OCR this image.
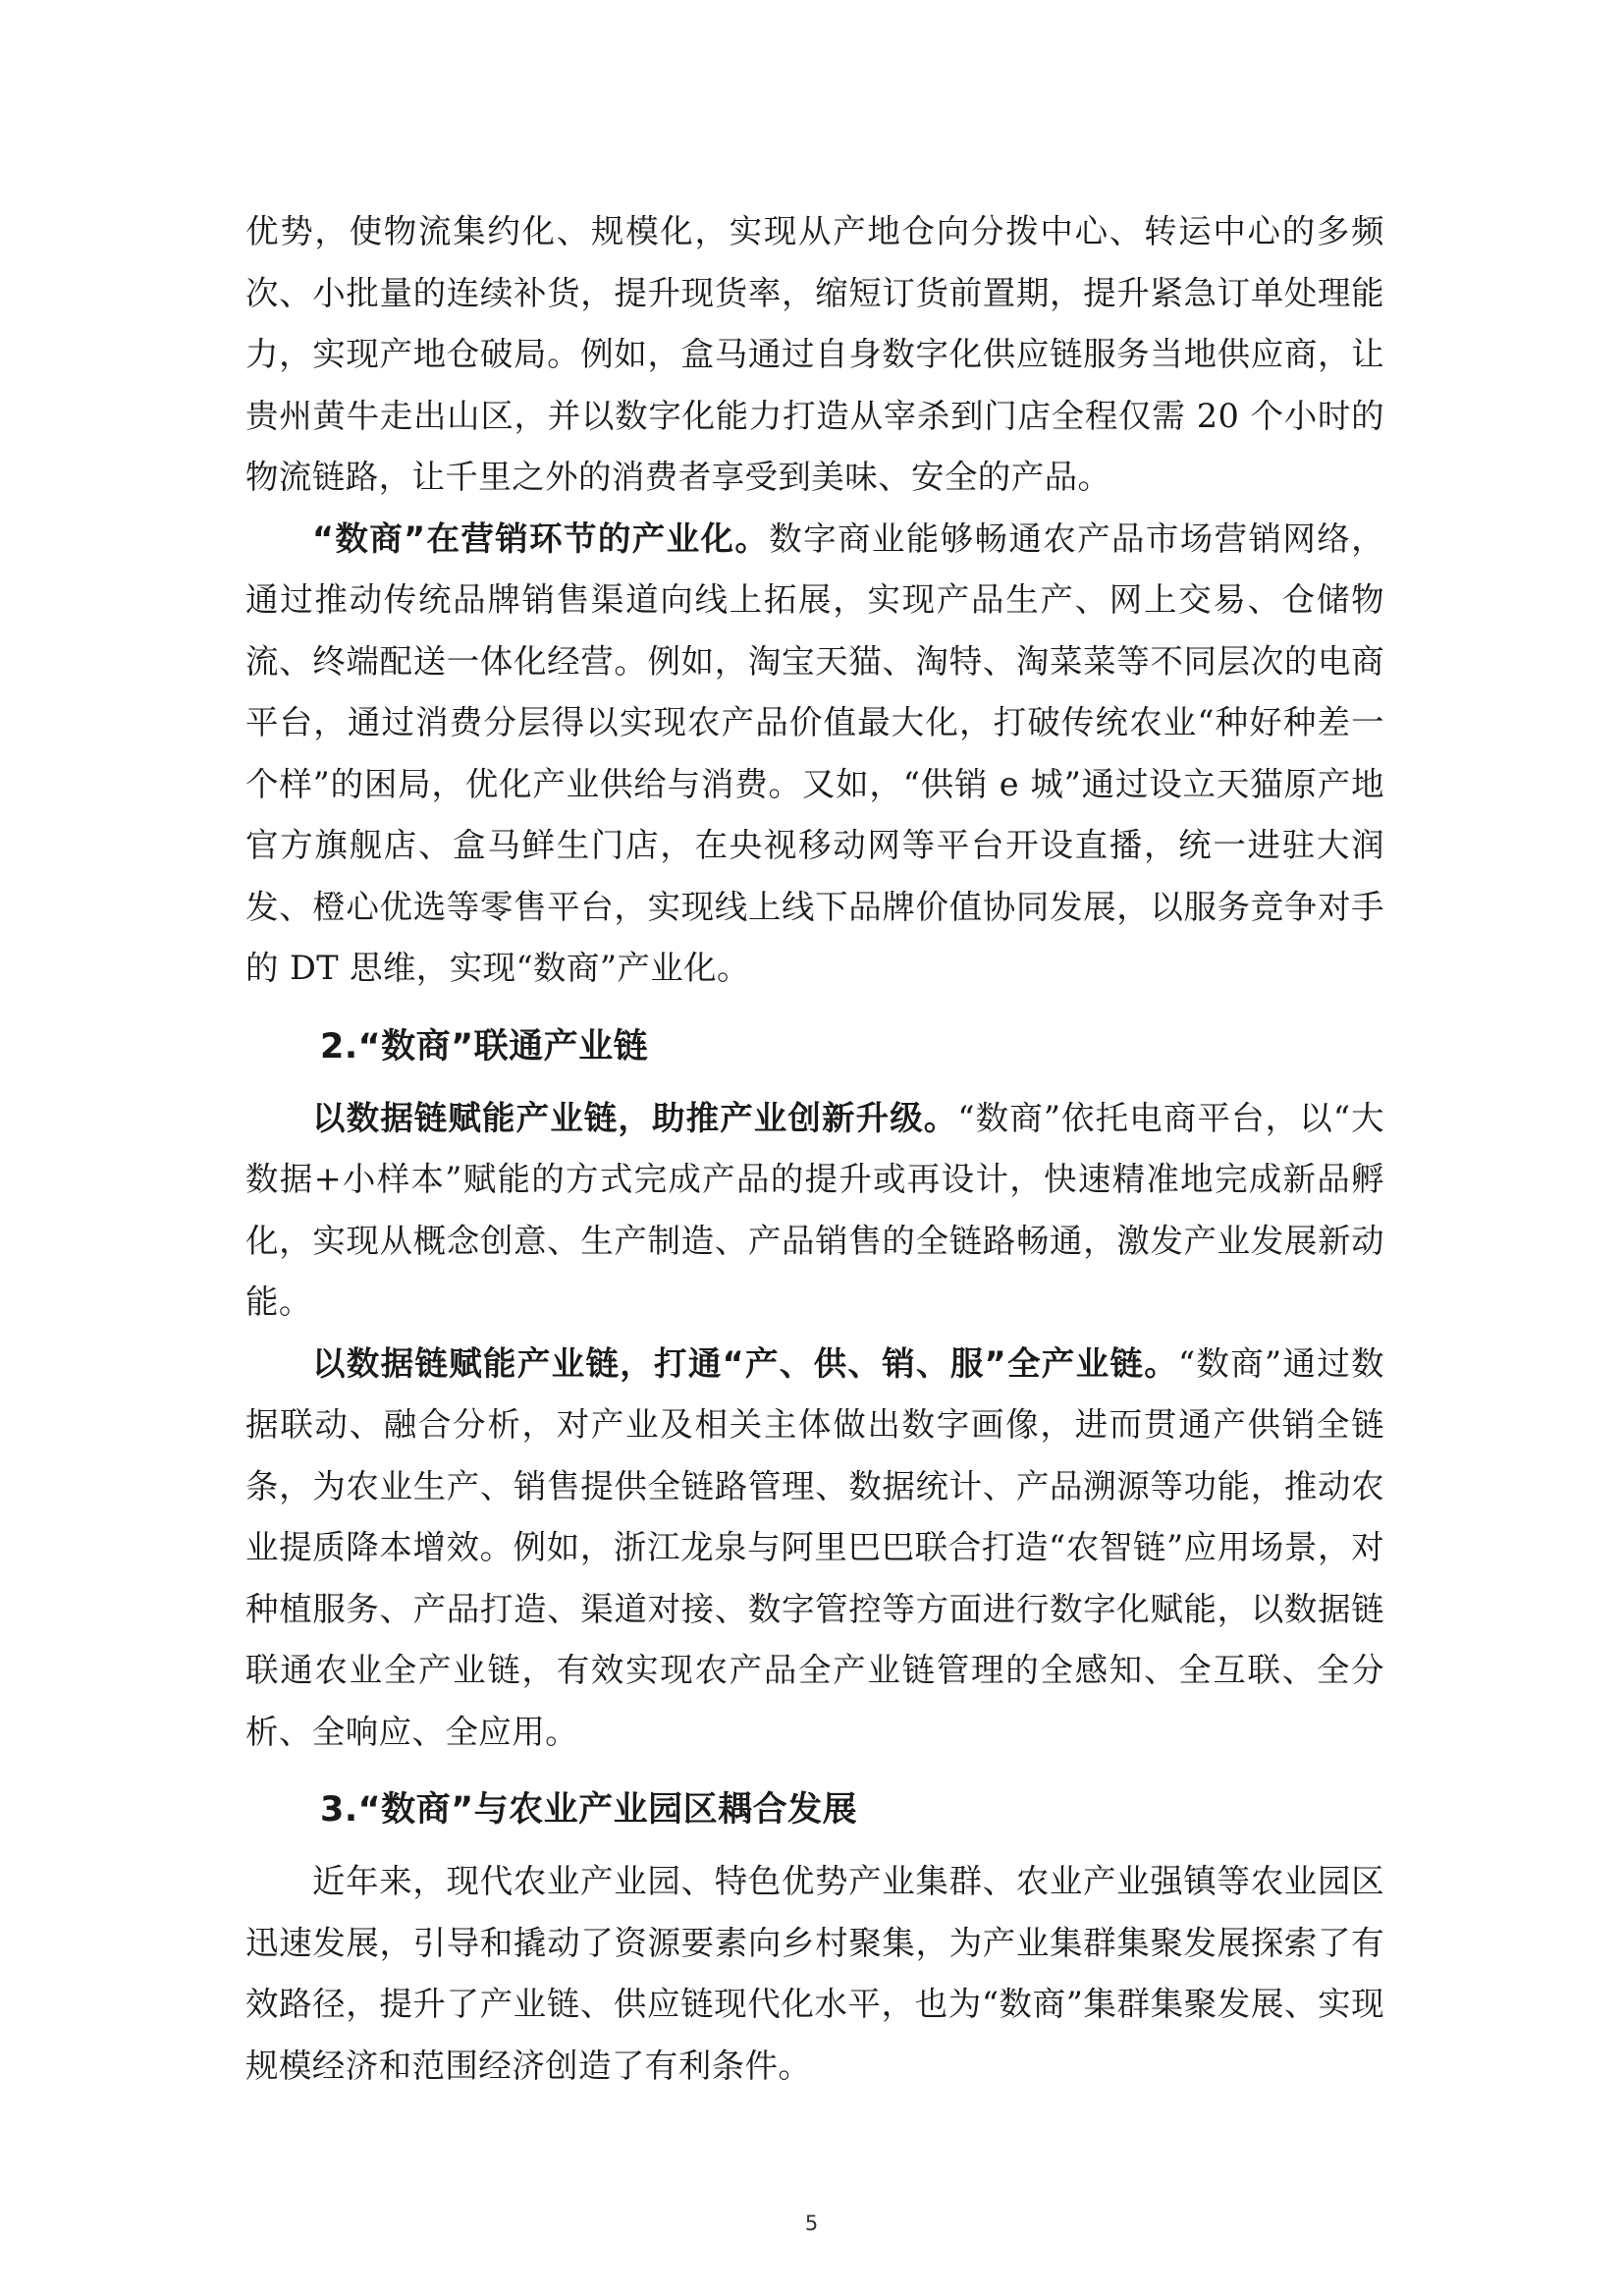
优势，使物流集约化、规模化，实现从产地仓向分拨中心、转运中心的多频次、小批量的连续补货，提升现货率，缩短订货前置期，提升紧急订单处理能力，实现产地仓破局。例如，盒马通过自身数字化供应链服务当地供应商，让贵州黄牛走出山区，并以数字化能力打造从宰杀到门店全程仅需 20 个小时的物流链路，让千里之外的消费者享受到美味、安全的产品。

“数商”在营销环节的产业化。数字商业能够畅通农产品市场营销网络，通过推动传统品牌销售渠道向线上拓展，实现产品生产、网上交易、仓储物流、终端配送一体化经营。例如，淘宝天猫、淘特、淘菜菜等不同层次的电商平台，通过消费分层得以实现农产品价值最大化，打破传统农业“种好种差一个样”的困局，优化产业供给与消费。又如，“供销 e 城”通过设立天猫原产地官方旗舰店、盒马鲜生门店，在央视移动网等平台开设直播，统一进驻大润发、橙心优选等零售平台，实现线上线下品牌价值协同发展，以服务竞争对手的 DT 思维，实现“数商”产业化。

2.“数商”联通产业链

以数据链赋能产业链，助推产业创新升级。“数商”依托电商平台，以“大数据+小样本”赋能的方式完成产品的提升或再设计，快速精准地完成新品孵化，实现从概念创意、生产制造、产品销售的全链路畅通，激发产业发展新动能。

以数据链赋能产业链，打通“产、供、销、服”全产业链。“数商”通过数据联动、融合分析，对产业及相关主体做出数字画像，进而贯通产供销全链条，为农业生产、销售提供全链路管理、数据统计、产品溯源等功能，推动农业提质降本增效。例如，浙江龙泉与阿里巴巴联合打造“农智链”应用场景，对种植服务、产品打造、渠道对接、数字管控等方面进行数字化赋能，以数据链联通农业全产业链，有效实现农产品全产业链管理的全感知、全互联、全分析、全响应、全应用。

3.“数商”与农业产业园区耦合发展

近年来，现代农业产业园、特色优势产业集群、农业产业强镇等农业园区迅速发展，引导和撬动了资源要素向乡村聚集，为产业集群集聚发展探索了有效路径，提升了产业链、供应链现代化水平，也为“数商”集群集聚发展、实现规模经济和范围经济创造了有利条件。

5
